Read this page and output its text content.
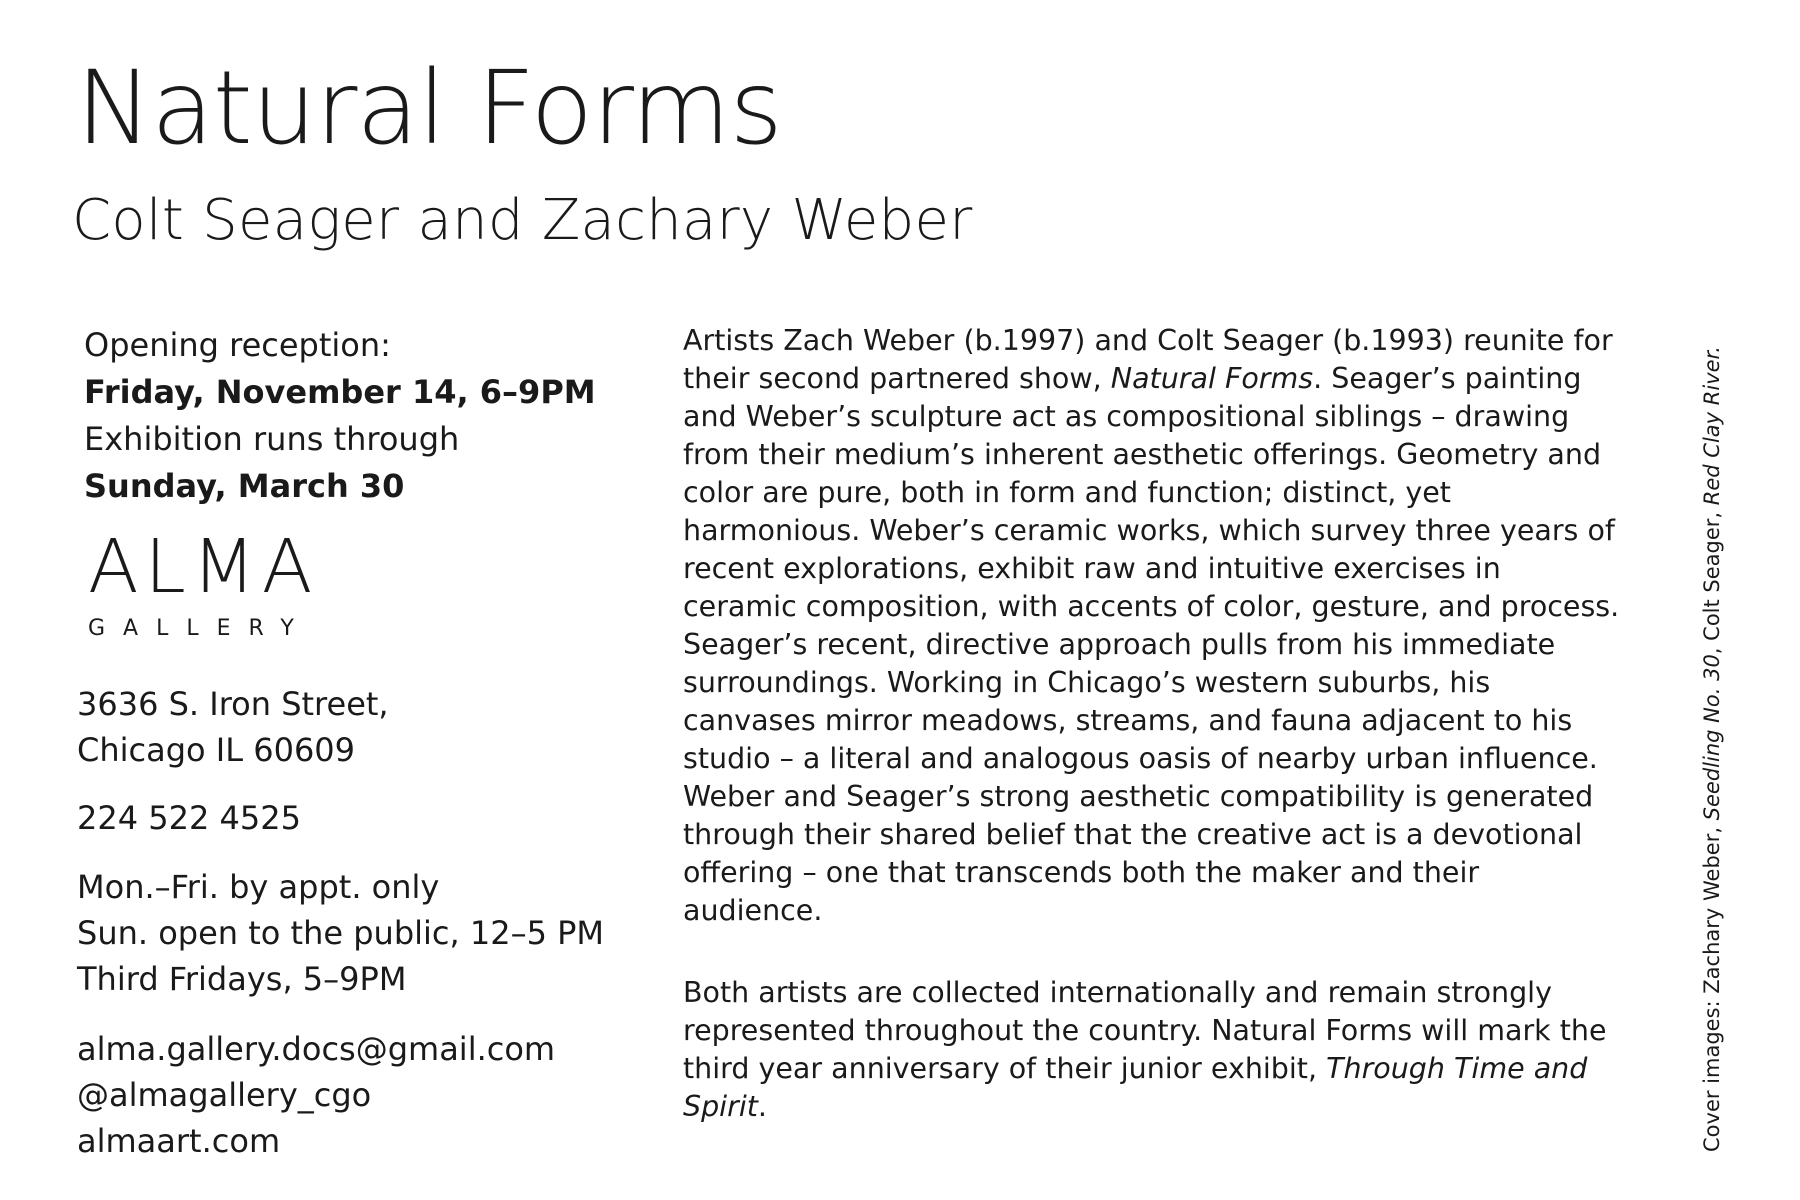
Natural Forms
Colt Seager and Zachary Weber
Opening reception:
Friday, November 14, 6–9PM
Exhibition runs through
Sunday, March 30
ALMA
GALLERY
3636 S. Iron Street,
Chicago IL 60609
224 522 4525
Mon.–Fri. by appt. only
Sun. open to the public, 12–5 PM
Third Fridays, 5–9PM
alma.gallery.docs@gmail.com
@almagallery_cgo
almaart.com

Artists Zach Weber (b.1997) and Colt Seager (b.1993) reunite for their second partnered show, Natural Forms. Seager’s painting and Weber’s sculpture act as compositional siblings – drawing from their medium’s inherent aesthetic offerings. Geometry and color are pure, both in form and function; distinct, yet harmonious. Weber’s ceramic works, which survey three years of recent explorations, exhibit raw and intuitive exercises in ceramic composition, with accents of color, gesture, and process. Seager’s recent, directive approach pulls from his immediate surroundings. Working in Chicago’s western suburbs, his canvases mirror meadows, streams, and fauna adjacent to his studio – a literal and analogous oasis of nearby urban influence. Weber and Seager’s strong aesthetic compatibility is generated through their shared belief that the creative act is a devotional offering – one that transcends both the maker and their audience.

Both artists are collected internationally and remain strongly represented throughout the country. Natural Forms will mark the third year anniversary of their junior exhibit, Through Time and Spirit.	Cover images: Zachary Weber, Seedling No. 30, Colt Seager, Red Clay River.
